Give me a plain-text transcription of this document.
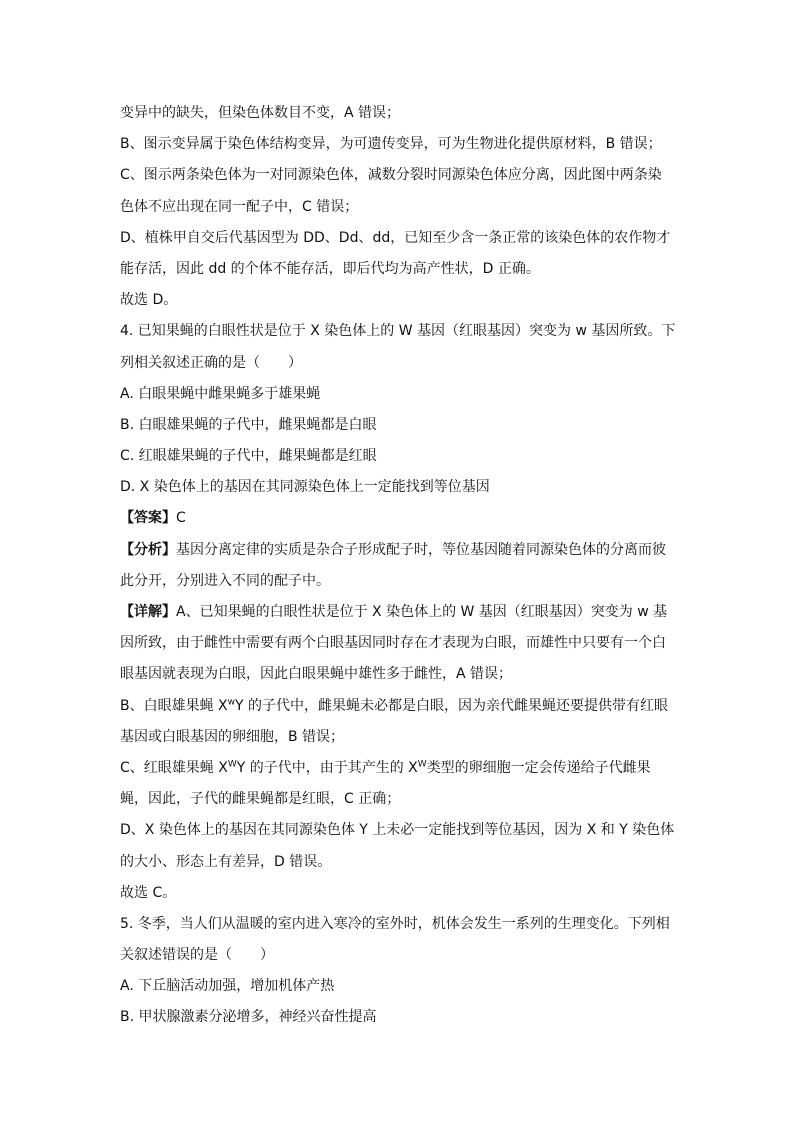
变异中的缺失，但染色体数目不变，A 错误；
B、图示变异属于染色体结构变异，为可遗传变异，可为生物进化提供原材料，B 错误；
C、图示两条染色体为一对同源染色体，减数分裂时同源染色体应分离，因此图中两条染
色体不应出现在同一配子中，C 错误；
D、植株甲自交后代基因型为 DD、Dd、dd，已知至少含一条正常的该染色体的农作物才
能存活，因此 dd 的个体不能存活，即后代均为高产性状，D 正确。
故选 D。
4. 已知果蝇的白眼性状是位于 X 染色体上的 W 基因（红眼基因）突变为 w 基因所致。下
列相关叙述正确的是（　　）
A. 白眼果蝇中雌果蝇多于雄果蝇
B. 白眼雄果蝇的子代中，雌果蝇都是白眼
C. 红眼雄果蝇的子代中，雌果蝇都是红眼
D. X 染色体上的基因在其同源染色体上一定能找到等位基因
【答案】C
【分析】基因分离定律的实质是杂合子形成配子时，等位基因随着同源染色体的分离而彼
此分开，分别进入不同的配子中。
【详解】A、已知果蝇的白眼性状是位于 X 染色体上的 W 基因（红眼基因）突变为 w 基
因所致，由于雌性中需要有两个白眼基因同时存在才表现为白眼，而雄性中只要有一个白
眼基因就表现为白眼，因此白眼果蝇中雄性多于雌性，A 错误；
B、白眼雄果蝇 $X^wY$ 的子代中，雌果蝇未必都是白眼，因为亲代雌果蝇还要提供带有红眼
基因或白眼基因的卵细胞，B 错误；
C、红眼雄果蝇 $X^WY$ 的子代中，由于其产生的 $X^W$类型的卵细胞一定会传递给子代雌果
蝇，因此，子代的雌果蝇都是红眼，C 正确；
D、X 染色体上的基因在其同源染色体 Y 上未必一定能找到等位基因，因为 X 和 Y 染色体
的大小、形态上有差异，D 错误。
故选 C。
5. 冬季，当人们从温暖的室内进入寒冷的室外时，机体会发生一系列的生理变化。下列相
关叙述错误的是（　　）
A. 下丘脑活动加强，增加机体产热
B. 甲状腺激素分泌增多，神经兴奋性提高
